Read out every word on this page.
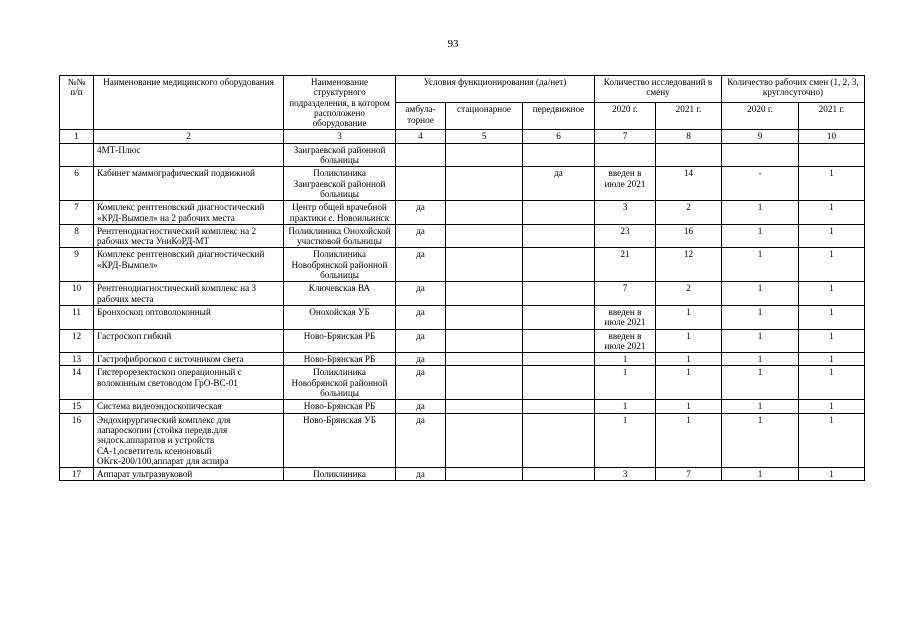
93
№№ п/п	Наименование медицинского оборудования	Наименование структурного подразделения, в котором расположено оборудование	Условия функционирования (да/нет)			Количество исследований в смену		Количество рабочих смен (1, 2, 3, круглосуточно)	
			амбула-торное	стационарное	передвижное	2020 г.	2021 г.	2020 г.	2021 г.
1	2	3	4	5	6	7	8	9	10
	4МТ-Плюс	Заиграевской районной больницы							
6	Кабинет маммографический подвижной	Поликлиника Заиграевской районной больницы			да	введен в июле 2021	14	-	1
7	Комплекс рентгеновский диагностический «КРД-Вымпел» на 2 рабочих места	Центр общей врачебной практики с. Новоильинск	да			3	2	1	1
8	Рентгенодиагностический комплекс на 2 рабочих места УниКоРД-МТ	Поликлиника Онохойской участковой больницы	да			23	16	1	1
9	Комплекс рентгеновский диагностический «КРД-Вымпел»	Поликлиника Новобрянской районной больницы	да			21	12	1	1
10	Рентгенодиагностический комплекс на 3 рабочих места	Ключевская ВА	да			7	2	1	1
11	Бронхоскоп оптоволоконный	Онохойская УБ	да			введен в июле 2021	1	1	1
12	Гастроскоп гибкий	Ново-Брянская РБ	да			введен в июле 2021	1	1	1
13	Гастрофиброскоп с источником света	Ново-Брянская РБ	да			1	1	1	1
14	Гистерорезектоскоп операционный с волоконным световодом ГрО-ВС-01	Поликлиника Новобрянской районной больницы	да			1	1	1	1
15	Система видеоэндоскопическая	Ново-Брянская РБ	да			1	1	1	1
16	Эндохирургический комплекс для лапароскопии (стойка передв.для эндоск.аппаратов и устройств СА-1,осветитель ксеноновый ОКгк-200/100,аппарат для аспира	Ново-Брянская УБ	да			1	1	1	1
17	Аппарат ультразвуковой	Поликлиника	да			3	7	1	1
